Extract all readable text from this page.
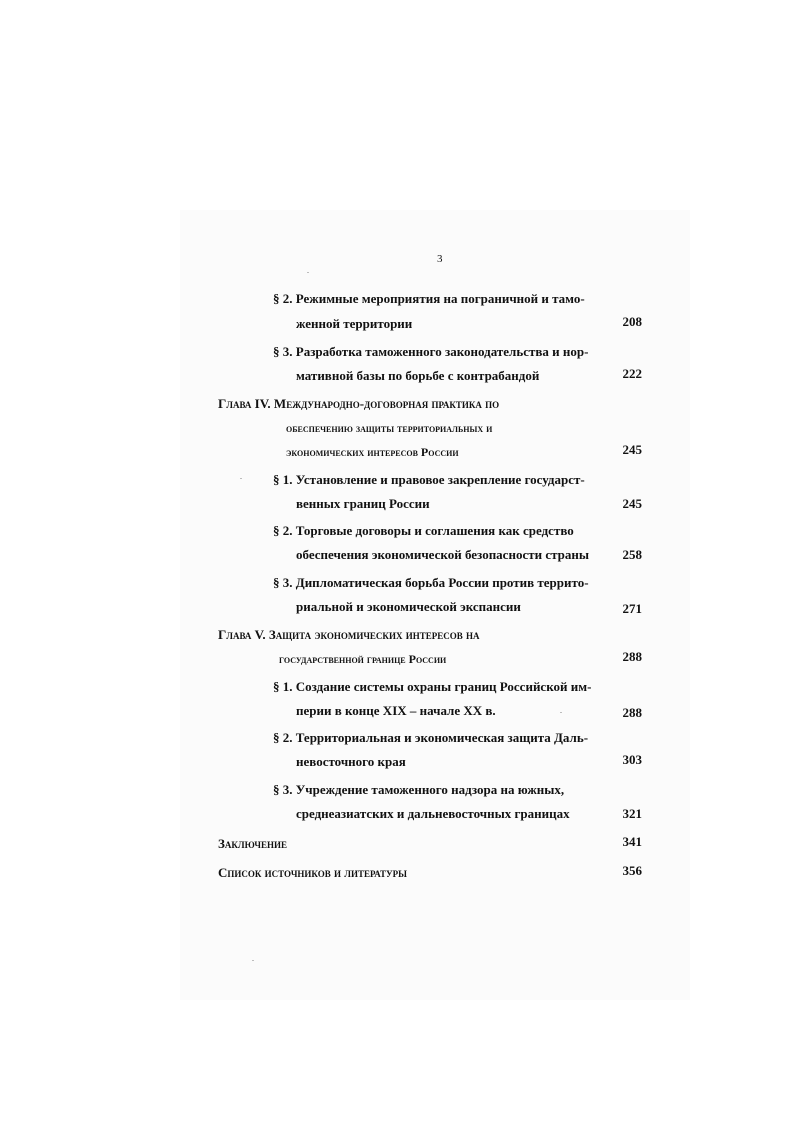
3
§ 2. Режимные мероприятия на пограничной и тамо-
женной территории	208
§ 3. Разработка таможенного законодательства и нор-
мативной базы по борьбе с контрабандой	222
Глава IV. Международно-договорная практика по
обеспечению защиты территориальных и
экономических интересов России	245
§ 1. Установление и правовое закрепление государст-
венных границ России	245
§ 2. Торговые договоры и соглашения как средство
обеспечения экономической безопасности страны	258
§ 3. Дипломатическая борьба России против террито-
риальной и экономической экспансии	271
Глава V. Защита экономических интересов на
государственной границе России	288
§ 1. Создание системы охраны границ Российской им-
перии в конце XIX – начале XX в.	288
§ 2. Территориальная и экономическая защита Даль-
невосточного края	303
§ 3. Учреждение таможенного надзора на южных,
среднеазиатских и дальневосточных границах	321
Заключение	341
Список источников и литературы	356
